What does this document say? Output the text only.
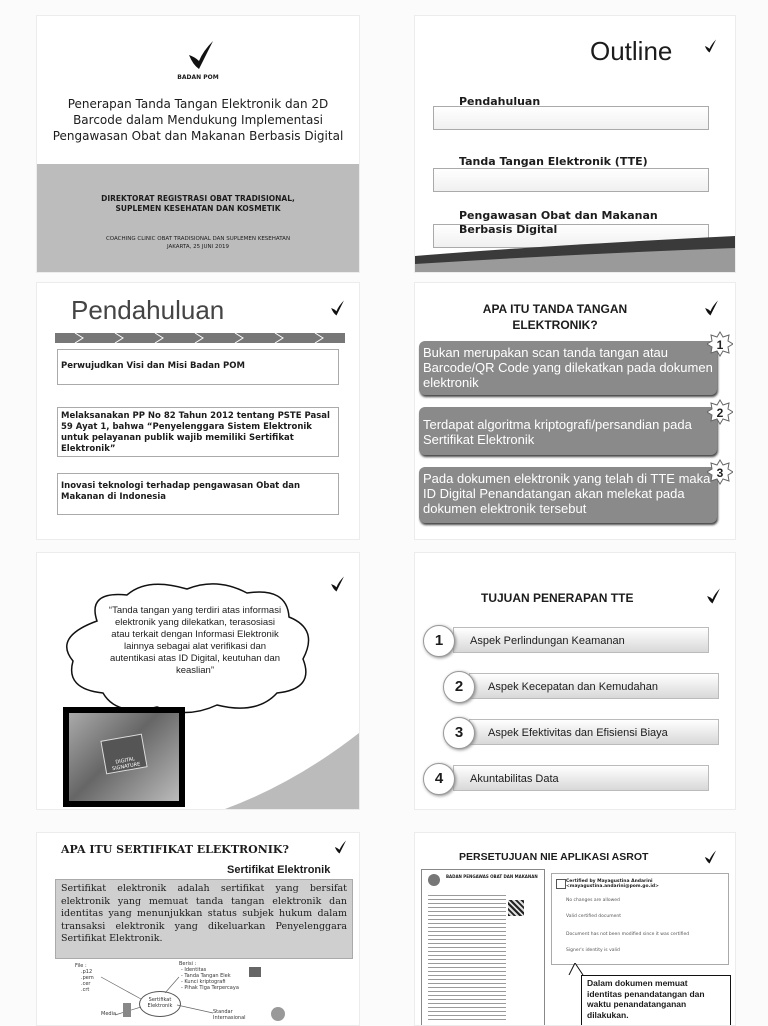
BADAN POM
Penerapan Tanda Tangan Elektronik dan 2D
Barcode dalam Mendukung Implementasi
Pengawasan Obat dan Makanan Berbasis Digital
DIREKTORAT REGISTRASI OBAT TRADISIONAL,
SUPLEMEN KESEHATAN DAN KOSMETIK
COACHING CLINIC OBAT TRADISIONAL DAN SUPLEMEN KESEHATAN
JAKARTA, 25 JUNI 2019
Outline
Pendahuluan
Tanda Tangan Elektronik (TTE)
Pengawasan Obat dan Makanan Berbasis Digital
Pendahuluan
Perwujudkan Visi dan Misi Badan POM
Melaksanakan PP No 82 Tahun 2012 tentang PSTE Pasal 59 Ayat 1, bahwa “Penyelenggara Sistem Elektronik untuk pelayanan publik wajib memiliki Sertifikat Elektronik”
Inovasi teknologi terhadap pengawasan Obat dan Makanan di Indonesia
APA ITU TANDA TANGAN
ELEKTRONIK?
Bukan merupakan scan tanda tangan atau Barcode/QR Code yang dilekatkan pada dokumen elektronik
1
Terdapat algoritma kriptografi/persandian pada Sertifikat Elektronik
2
Pada dokumen elektronik yang telah di TTE maka ID Digital Penandatangan akan melekat pada dokumen elektronik tersebut
3
“Tanda tangan yang terdiri atas informasi elektronik yang dilekatkan, terasosiasi atau terkait dengan Informasi Elektronik lainnya sebagai alat verifikasi dan autentikasi atas ID Digital, keutuhan dan keaslian”
DIGITAL SIGNATURE
TUJUAN PENERAPAN TTE
Aspek Perlindungan Keamanan
1
Aspek Kecepatan dan Kemudahan
2
Aspek Efektivitas dan Efisiensi Biaya
3
Akuntabilitas Data
4
APA ITU SERTIFIKAT ELEKTRONIK?
Sertifikat Elektronik
Sertifikat elektronik adalah sertifikat yang bersifat elektronik yang memuat tanda tangan elektronik dan identitas yang menunjukkan status subjek hukum dalam transaksi elektronik yang dikeluarkan Penyelenggara Sertifikat Elektronik.
File :
.p12
.pem
.cer
.crt
Berisi :
- Identitas
- Tanda Tangan Elek
- Kunci kriptografi
- Pihak Tiga Terpercaya
Sertifikat Elektronik
Media	Standar Internasional
PERSETUJUAN NIE APLIKASI ASROT
BADAN PENGAWAS OBAT DAN MAKANAN
Certified by Mayagustina Andarini <mayagustina.andarini@pom.go.id>
No changes are allowed
Valid certified document
Document has not been modified since it was certified
Signer's identity is valid
Dalam dokumen memuat identitas penandatangan dan waktu penandatanganan dilakukan.
